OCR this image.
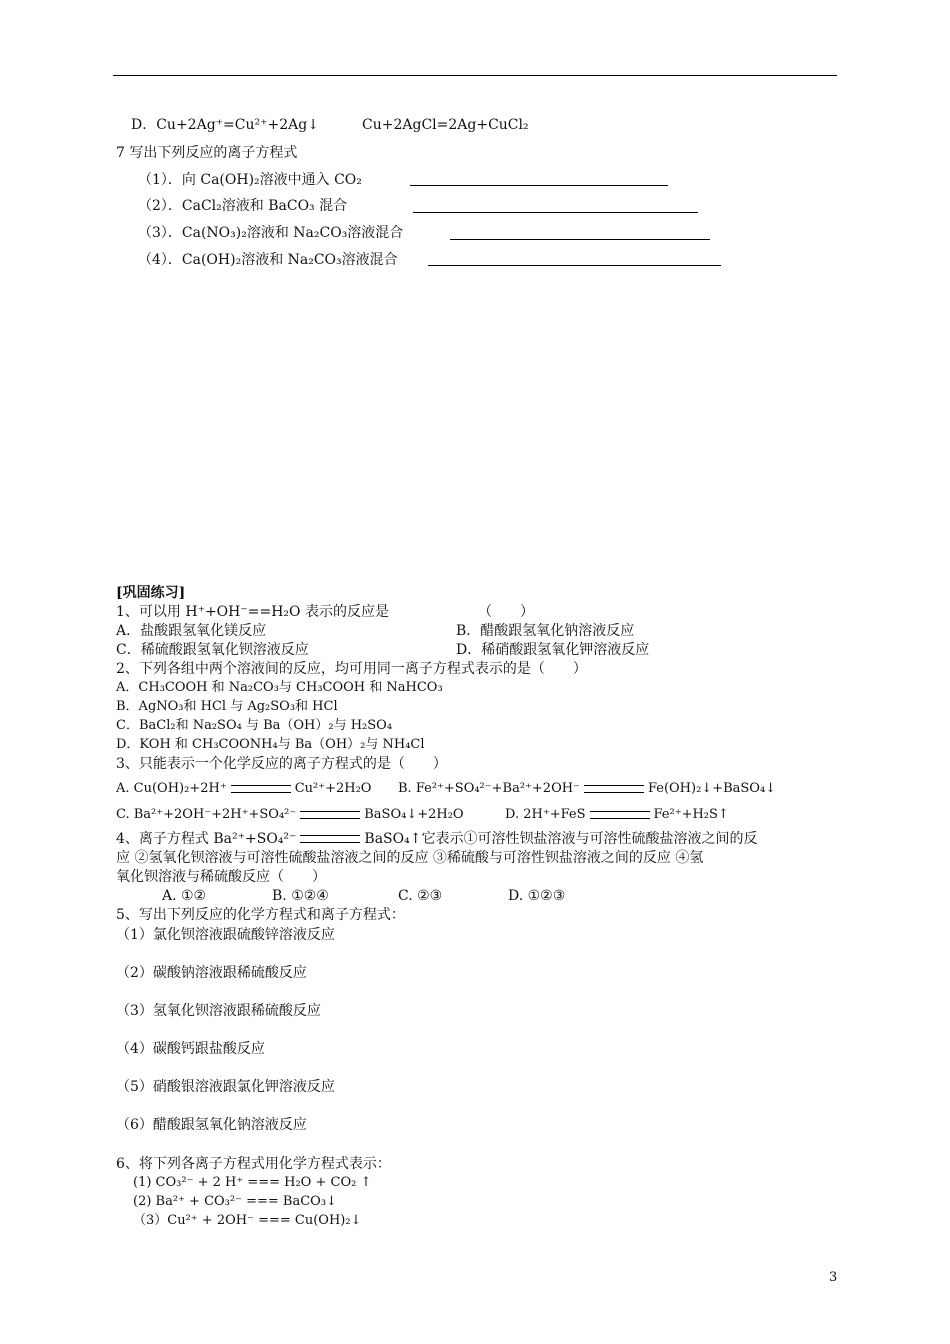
D．Cu+2Ag⁺=Cu²⁺+2Ag↓	Cu+2AgCl=2Ag+CuCl₂
7 写出下列反应的离子方程式
（1）．向 Ca(OH)₂溶液中通入 CO₂
（2）．CaCl₂溶液和 BaCO₃ 混合
（3）．Ca(NO₃)₂溶液和 Na₂CO₃溶液混合
（4）．Ca(OH)₂溶液和 Na₂CO₃溶液混合
[巩固练习]
1、可以用 H⁺+OH⁻==H₂O 表示的反应是	（　　）
A．盐酸跟氢氧化镁反应	B．醋酸跟氢氧化钠溶液反应
C．稀硫酸跟氢氧化钡溶液反应	D．稀硝酸跟氢氧化钾溶液反应
2、下列各组中两个溶液间的反应，均可用同一离子方程式表示的是（　　）
A．CH₃COOH 和 Na₂CO₃与 CH₃COOH 和 NaHCO₃
B．AgNO₃和 HCl 与 Ag₂SO₃和 HCl
C．BaCl₂和 Na₂SO₄ 与 Ba（OH）₂与 H₂SO₄
D．KOH 和 CH₃COONH₄与 Ba（OH）₂与 NH₄Cl
3、只能表示一个化学反应的离子方程式的是（　　）
A. Cu(OH)₂+2H⁺	Cu²⁺+2H₂O B. Fe²⁺+SO₄²⁻+Ba²⁺+2OH⁻	Fe(OH)₂↓+BaSO₄↓
C. Ba²⁺+2OH⁻+2H⁺+SO₄²⁻	BaSO₄↓+2H₂O	D. 2H⁺+FeS	Fe²⁺+H₂S↑
4、离子方程式 Ba²⁺+SO₄²⁻	BaSO₄↑它表示①可溶性钡盐溶液与可溶性硫酸盐溶液之间的反
应 ②氢氧化钡溶液与可溶性硫酸盐溶液之间的反应 ③稀硫酸与可溶性钡盐溶液之间的反应 ④氢
氧化钡溶液与稀硫酸反应（　　）
A. ①②	B. ①②④	C. ②③	D. ①②③
5、写出下列反应的化学方程式和离子方程式：
（1）氯化钡溶液跟硫酸锌溶液反应
（2）碳酸钠溶液跟稀硫酸反应
（3）氢氧化钡溶液跟稀硫酸反应
（4）碳酸钙跟盐酸反应
（5）硝酸银溶液跟氯化钾溶液反应
（6）醋酸跟氢氧化钠溶液反应
6、将下列各离子方程式用化学方程式表示：
(1) CO₃²⁻ + 2 H⁺ === H₂O + CO₂ ↑
(2) Ba²⁺ + CO₃²⁻ === BaCO₃↓
（3）Cu²⁺ + 2OH⁻ === Cu(OH)₂↓
3
